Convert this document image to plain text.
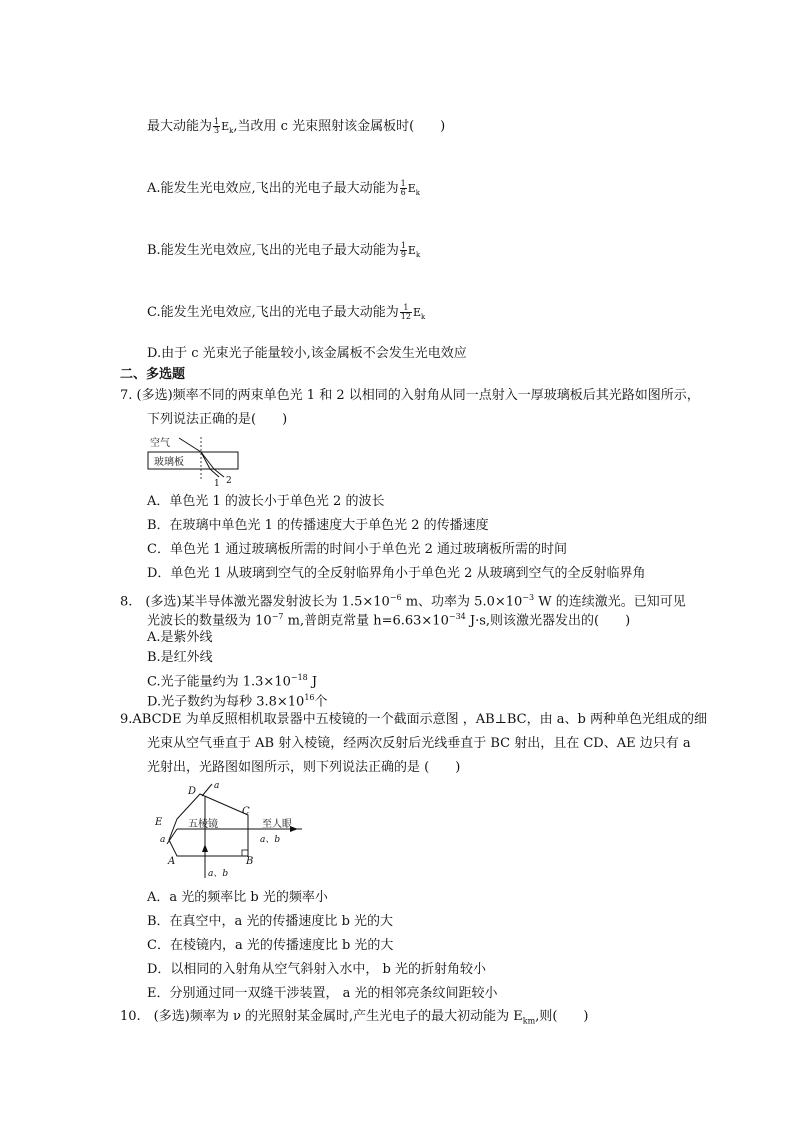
最大动能为 $\frac{1}{3} E_k$,当改用 c 光束照射该金属板时(　　)
A.能发生光电效应,飞出的光电子最大动能为 $\frac{1}{6} E_k$
B.能发生光电效应,飞出的光电子最大动能为 $\frac{1}{9} E_k$
C.能发生光电效应,飞出的光电子最大动能为 $\frac{1}{12} E_k$
D.由于 c 光束光子能量较小,该金属板不会发生光电效应
二、多选题
7. (多选)频率不同的两束单色光 1 和 2 以相同的入射角从同一点射入一厚玻璃板后其光路如图所示，
下列说法正确的是(　　)
空气
玻璃板
1 2
A．单色光 1 的波长小于单色光 2 的波长
B．在玻璃中单色光 1 的传播速度大于单色光 2 的传播速度
C．单色光 1 通过玻璃板所需的时间小于单色光 2 通过玻璃板所需的时间
D．单色光 1 从玻璃到空气的全反射临界角小于单色光 2 从玻璃到空气的全反射临界角
8.　(多选)某半导体激光器发射波长为 $1.5\times 10^{-6}$ m、功率为 $5.0\times 10^{-3}$ W 的连续激光。已知可见
光波长的数量级为 $10^{-7}$ m,普朗克常量 $h=6.63\times 10^{-34}$ J·s,则该激光器发出的(　　)
A.是紫外线
B.是红外线
C.光子能量约为 $1.3\times 10^{-18}$ J
D.光子数约为每秒 $3.8\times 10^{16}$个
9.ABCDE 为单反照相机取景器中五棱镜的一个截面示意图 ，AB⊥BC，由 a、b 两种单色光组成的细
光束从空气垂直于 AB 射入棱镜，经两次反射后光线垂直于 BC 射出，且在 CD、AE 边只有 a
光射出，光路图如图所示，则下列说法正确的是 (　　)
D
C
E
A	B
a
a
五棱镜	至人眼
a、b
a、b
A．a 光的频率比 b 光的频率小
B．在真空中，a 光的传播速度比 b 光的大
C．在棱镜内，a 光的传播速度比 b 光的大
D．以相同的入射角从空气斜射入水中， b 光的折射角较小
E．分别通过同一双缝干涉装置， a 光的相邻亮条纹间距较小
10.　(多选)频率为 ν 的光照射某金属时,产生光电子的最大初动能为 $E_{km}$,则(　　)
